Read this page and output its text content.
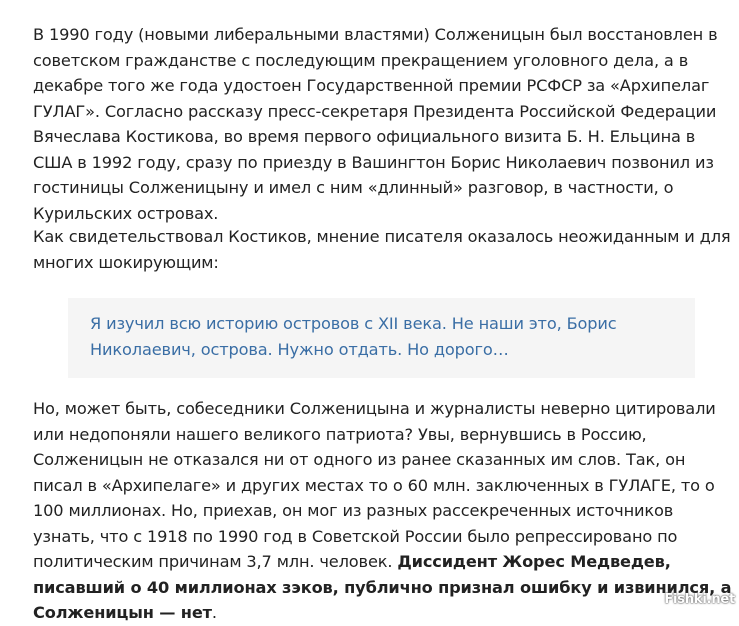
В 1990 году (новыми либеральными властями) Солженицын был восстановлен в советском гражданстве с последующим прекращением уголовного дела, а в декабре того же года удостоен Государственной премии РСФСР за «Архипелаг ГУЛАГ». Согласно рассказу пресс-секретаря Президента Российской Федерации Вячеслава Костикова, во время первого официального визита Б. Н. Ельцина в США в 1992 году, сразу по приезду в Вашингтон Борис Николаевич позвонил из гостиницы Солженицыну и имел с ним «длинный» разговор, в частности, о Курильских островах.

Как свидетельствовал Костиков, мнение писателя оказалось неожиданным и для многих шокирующим:

Но, может быть, собеседники Солженицына и журналисты неверно цитировали или недопоняли нашего великого патриота? Увы, вернувшись в Россию, Солженицын не отказался ни от одного из ранее сказанных им слов. Так, он писал в «Архипелаге» и других местах то о 60 млн. заключенных в ГУЛАГЕ, то о 100 миллионах. Но, приехав, он мог из разных рассекреченных источников узнать, что с 1918 по 1990 год в Советской России было репрессировано по политическим причинам 3,7 млн. человек. Диссидент Жорес Медведев, писавший о 40 миллионах зэков, публично признал ошибку и извинился, а Солженицын — нет.

Я изучил всю историю островов с XII века. Не наши это, Борис Николаевич, острова. Нужно отдать. Но дорого…

Fishki.net
